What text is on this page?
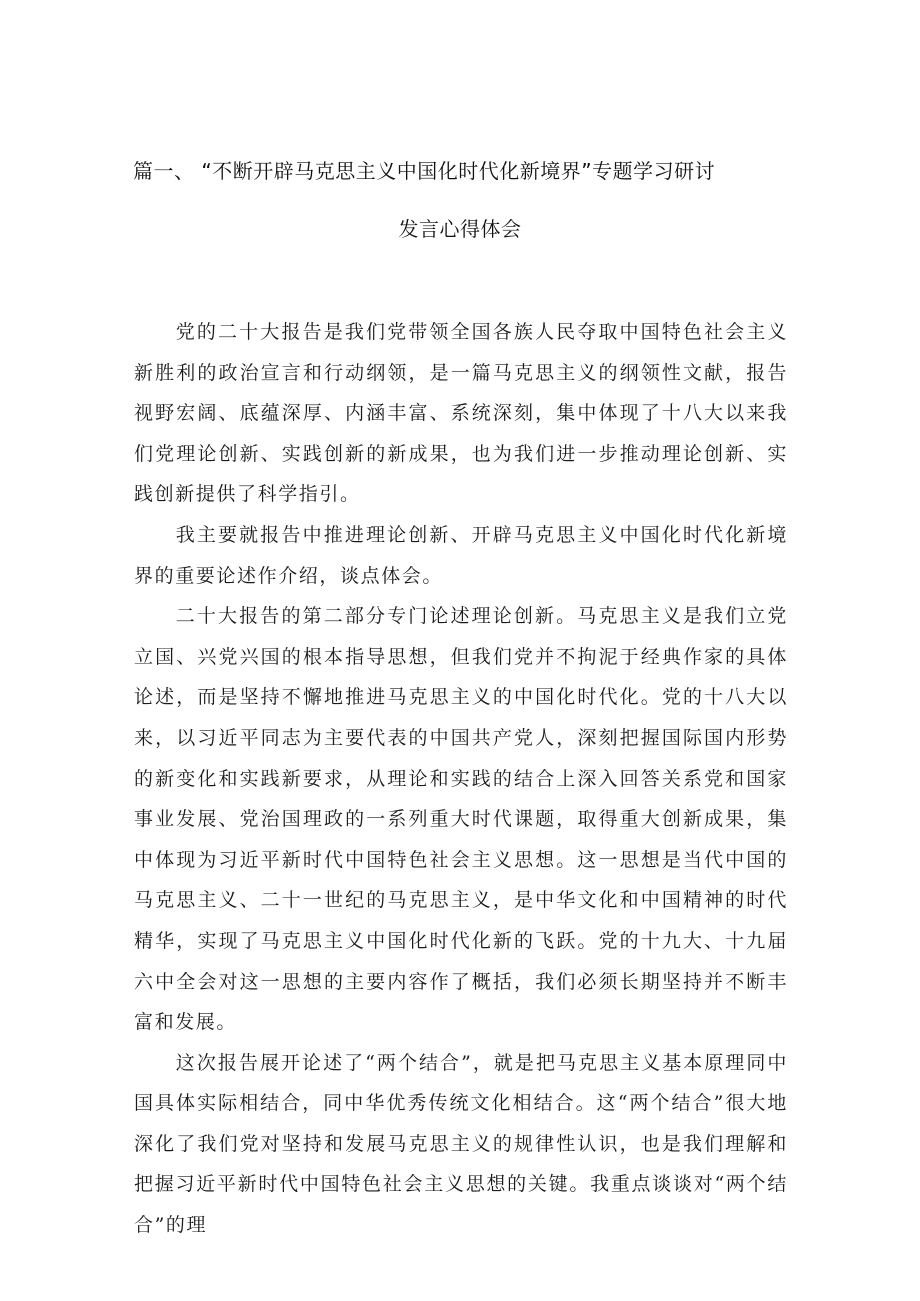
篇一、 “不断开辟马克思主义中国化时代化新境界”专题学习研讨
发言心得体会

党的二十大报告是我们党带领全国各族人民夺取中国特色社会主义新胜利的政治宣言和行动纲领，是一篇马克思主义的纲领性文献，报告视野宏阔、底蕴深厚、内涵丰富、系统深刻，集中体现了十八大以来我们党理论创新、实践创新的新成果，也为我们进一步推动理论创新、实践创新提供了科学指引。

我主要就报告中推进理论创新、开辟马克思主义中国化时代化新境界的重要论述作介绍，谈点体会。

二十大报告的第二部分专门论述理论创新。马克思主义是我们立党立国、兴党兴国的根本指导思想，但我们党并不拘泥于经典作家的具体论述，而是坚持不懈地推进马克思主义的中国化时代化。党的十八大以来，以习近平同志为主要代表的中国共产党人，深刻把握国际国内形势的新变化和实践新要求，从理论和实践的结合上深入回答关系党和国家事业发展、党治国理政的一系列重大时代课题，取得重大创新成果，集中体现为习近平新时代中国特色社会主义思想。这一思想是当代中国的马克思主义、二十一世纪的马克思主义，是中华文化和中国精神的时代精华，实现了马克思主义中国化时代化新的飞跃。党的十九大、十九届六中全会对这一思想的主要内容作了概括，我们必须长期坚持并不断丰富和发展。

这次报告展开论述了“两个结合”，就是把马克思主义基本原理同中国具体实际相结合，同中华优秀传统文化相结合。这“两个结合”很大地深化了我们党对坚持和发展马克思主义的规律性认识，也是我们理解和把握习近平新时代中国特色社会主义思想的关键。我重点谈谈对“两个结合”的理
